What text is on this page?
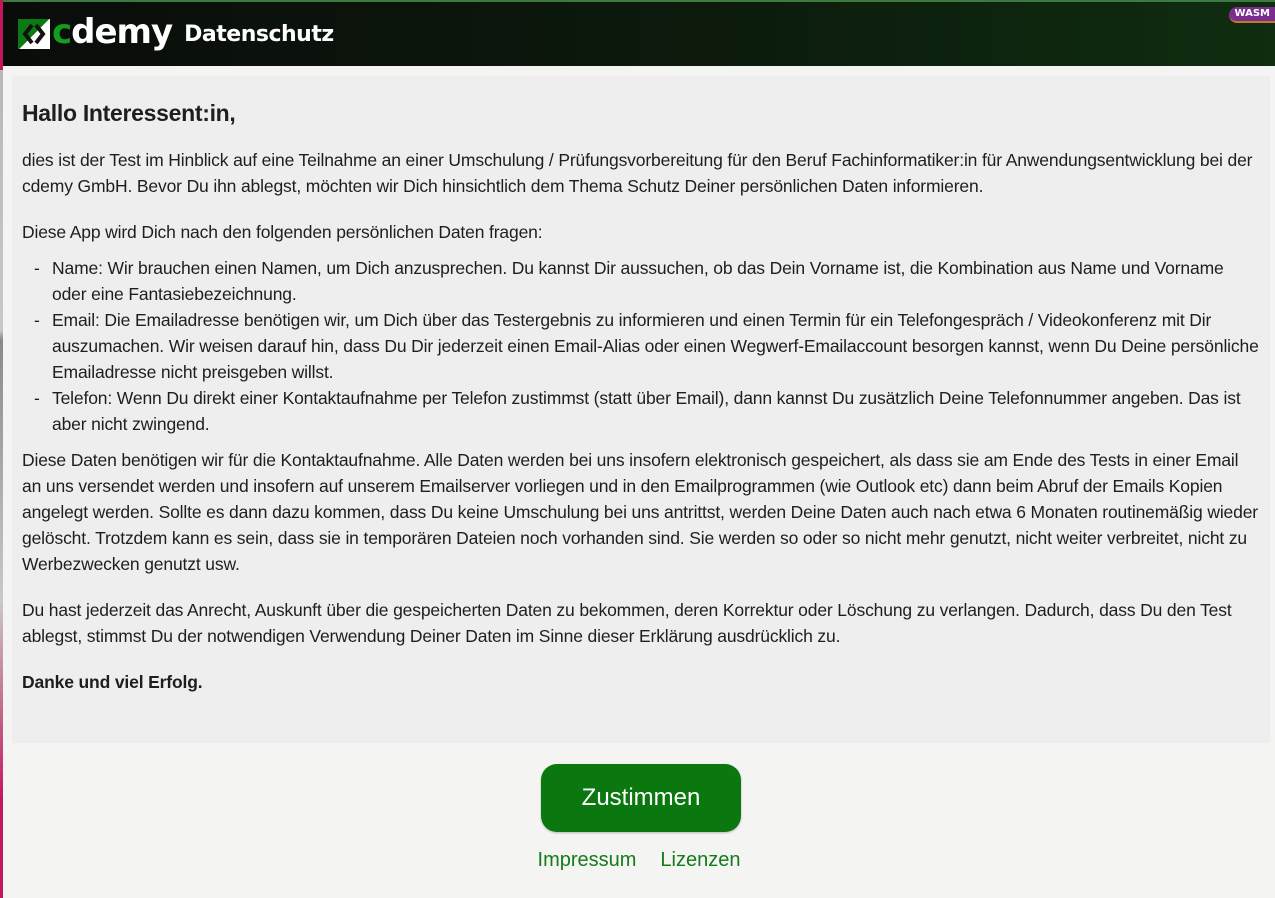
cdemy Datenschutz
WASM
Hallo Interessent:in,

dies ist der Test im Hinblick auf eine Teilnahme an einer Umschulung / Prüfungsvorbereitung für den Beruf Fachinformatiker:in für Anwendungsentwicklung bei der cdemy GmbH. Bevor Du ihn ablegst, möchten wir Dich hinsichtlich dem Thema Schutz Deiner persönlichen Daten informieren.

Diese App wird Dich nach den folgenden persönlichen Daten fragen:

- Name: Wir brauchen einen Namen, um Dich anzusprechen. Du kannst Dir aussuchen, ob das Dein Vorname ist, die Kombination aus Name und Vorname oder eine Fantasiebezeichnung.
- Email: Die Emailadresse benötigen wir, um Dich über das Testergebnis zu informieren und einen Termin für ein Telefongespräch / Videokonferenz mit Dir auszumachen. Wir weisen darauf hin, dass Du Dir jederzeit einen Email-Alias oder einen Wegwerf-Emailaccount besorgen kannst, wenn Du Deine persönliche Emailadresse nicht preisgeben willst.
- Telefon: Wenn Du direkt einer Kontaktaufnahme per Telefon zustimmst (statt über Email), dann kannst Du zusätzlich Deine Telefonnummer angeben. Das ist aber nicht zwingend.

Diese Daten benötigen wir für die Kontaktaufnahme. Alle Daten werden bei uns insofern elektronisch gespeichert, als dass sie am Ende des Tests in einer Email an uns versendet werden und insofern auf unserem Emailserver vorliegen und in den Emailprogrammen (wie Outlook etc) dann beim Abruf der Emails Kopien angelegt werden. Sollte es dann dazu kommen, dass Du keine Umschulung bei uns antrittst, werden Deine Daten auch nach etwa 6 Monaten routinemäßig wieder gelöscht. Trotzdem kann es sein, dass sie in temporären Dateien noch vorhanden sind. Sie werden so oder so nicht mehr genutzt, nicht weiter verbreitet, nicht zu Werbezwecken genutzt usw.

Du hast jederzeit das Anrecht, Auskunft über die gespeicherten Daten zu bekommen, deren Korrektur oder Löschung zu verlangen. Dadurch, dass Du den Test ablegst, stimmst Du der notwendigen Verwendung Deiner Daten im Sinne dieser Erklärung ausdrücklich zu.

Danke und viel Erfolg.

Zustimmen
Impressum Lizenzen
